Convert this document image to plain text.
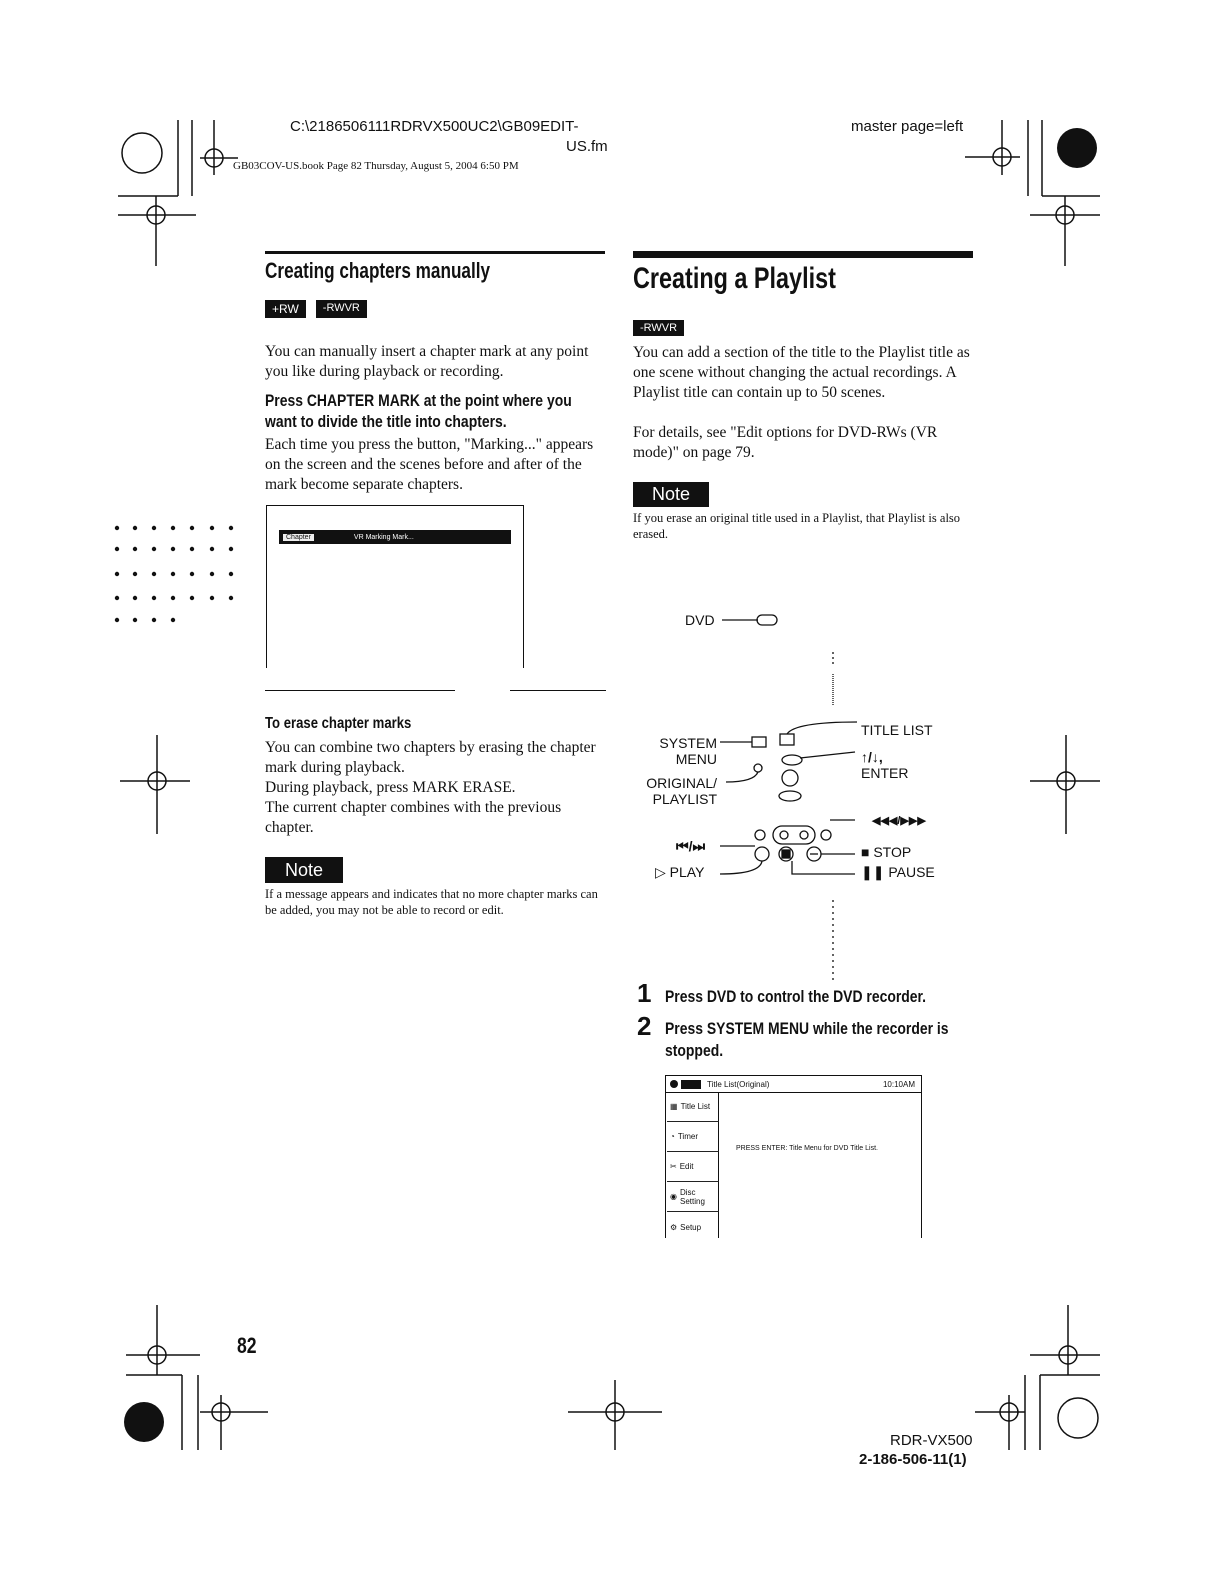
C:\2186506111RDRVX500UC2\GB09EDIT-
US.fm
GB03COV-US.book Page 82 Thursday, August 5, 2004 6:50 PM
master page=left
Creating chapters manually
+RW	-RWVR
You can manually insert a chapter mark at any point you like during playback or recording.
Press CHAPTER MARK at the point where you want to divide the title into chapters.
Each time you press the button, "Marking..." appears on the screen and the scenes before and after of the mark become separate chapters.
Chapter	VR Marking Mark...
To erase chapter marks
You can combine two chapters by erasing the chapter mark during playback.
During playback, press MARK ERASE.
The current chapter combines with the previous chapter.
Note
If a message appears and indicates that no more chapter marks can be added, you may not be able to record or edit.
Creating a Playlist
-RWVR
You can add a section of the title to the Playlist title as one scene without changing the actual recordings. A Playlist title can contain up to 50 scenes.
For details, see "Edit options for DVD-RWs (VR mode)" on page 79.
Note
If you erase an original title used in a Playlist, that Playlist is also erased.
DVD
SYSTEM
MENU
ORIGINAL/
PLAYLIST
TITLE LIST
↑/↓,
ENTER
⏮/⏭
▷ PLAY
◀◀◀/▶▶▶
■ STOP
❚❚ PAUSE
1 Press DVD to control the DVD recorder.
2 Press SYSTEM MENU while the recorder is stopped.
Title List(Original)	10:10AM
▦ Title List
◔ Timer
✂ Edit
◉ Disc Setting
⚙ Setup
PRESS ENTER: Title Menu for DVD Title List.
82
RDR-VX500
2-186-506-11(1)
